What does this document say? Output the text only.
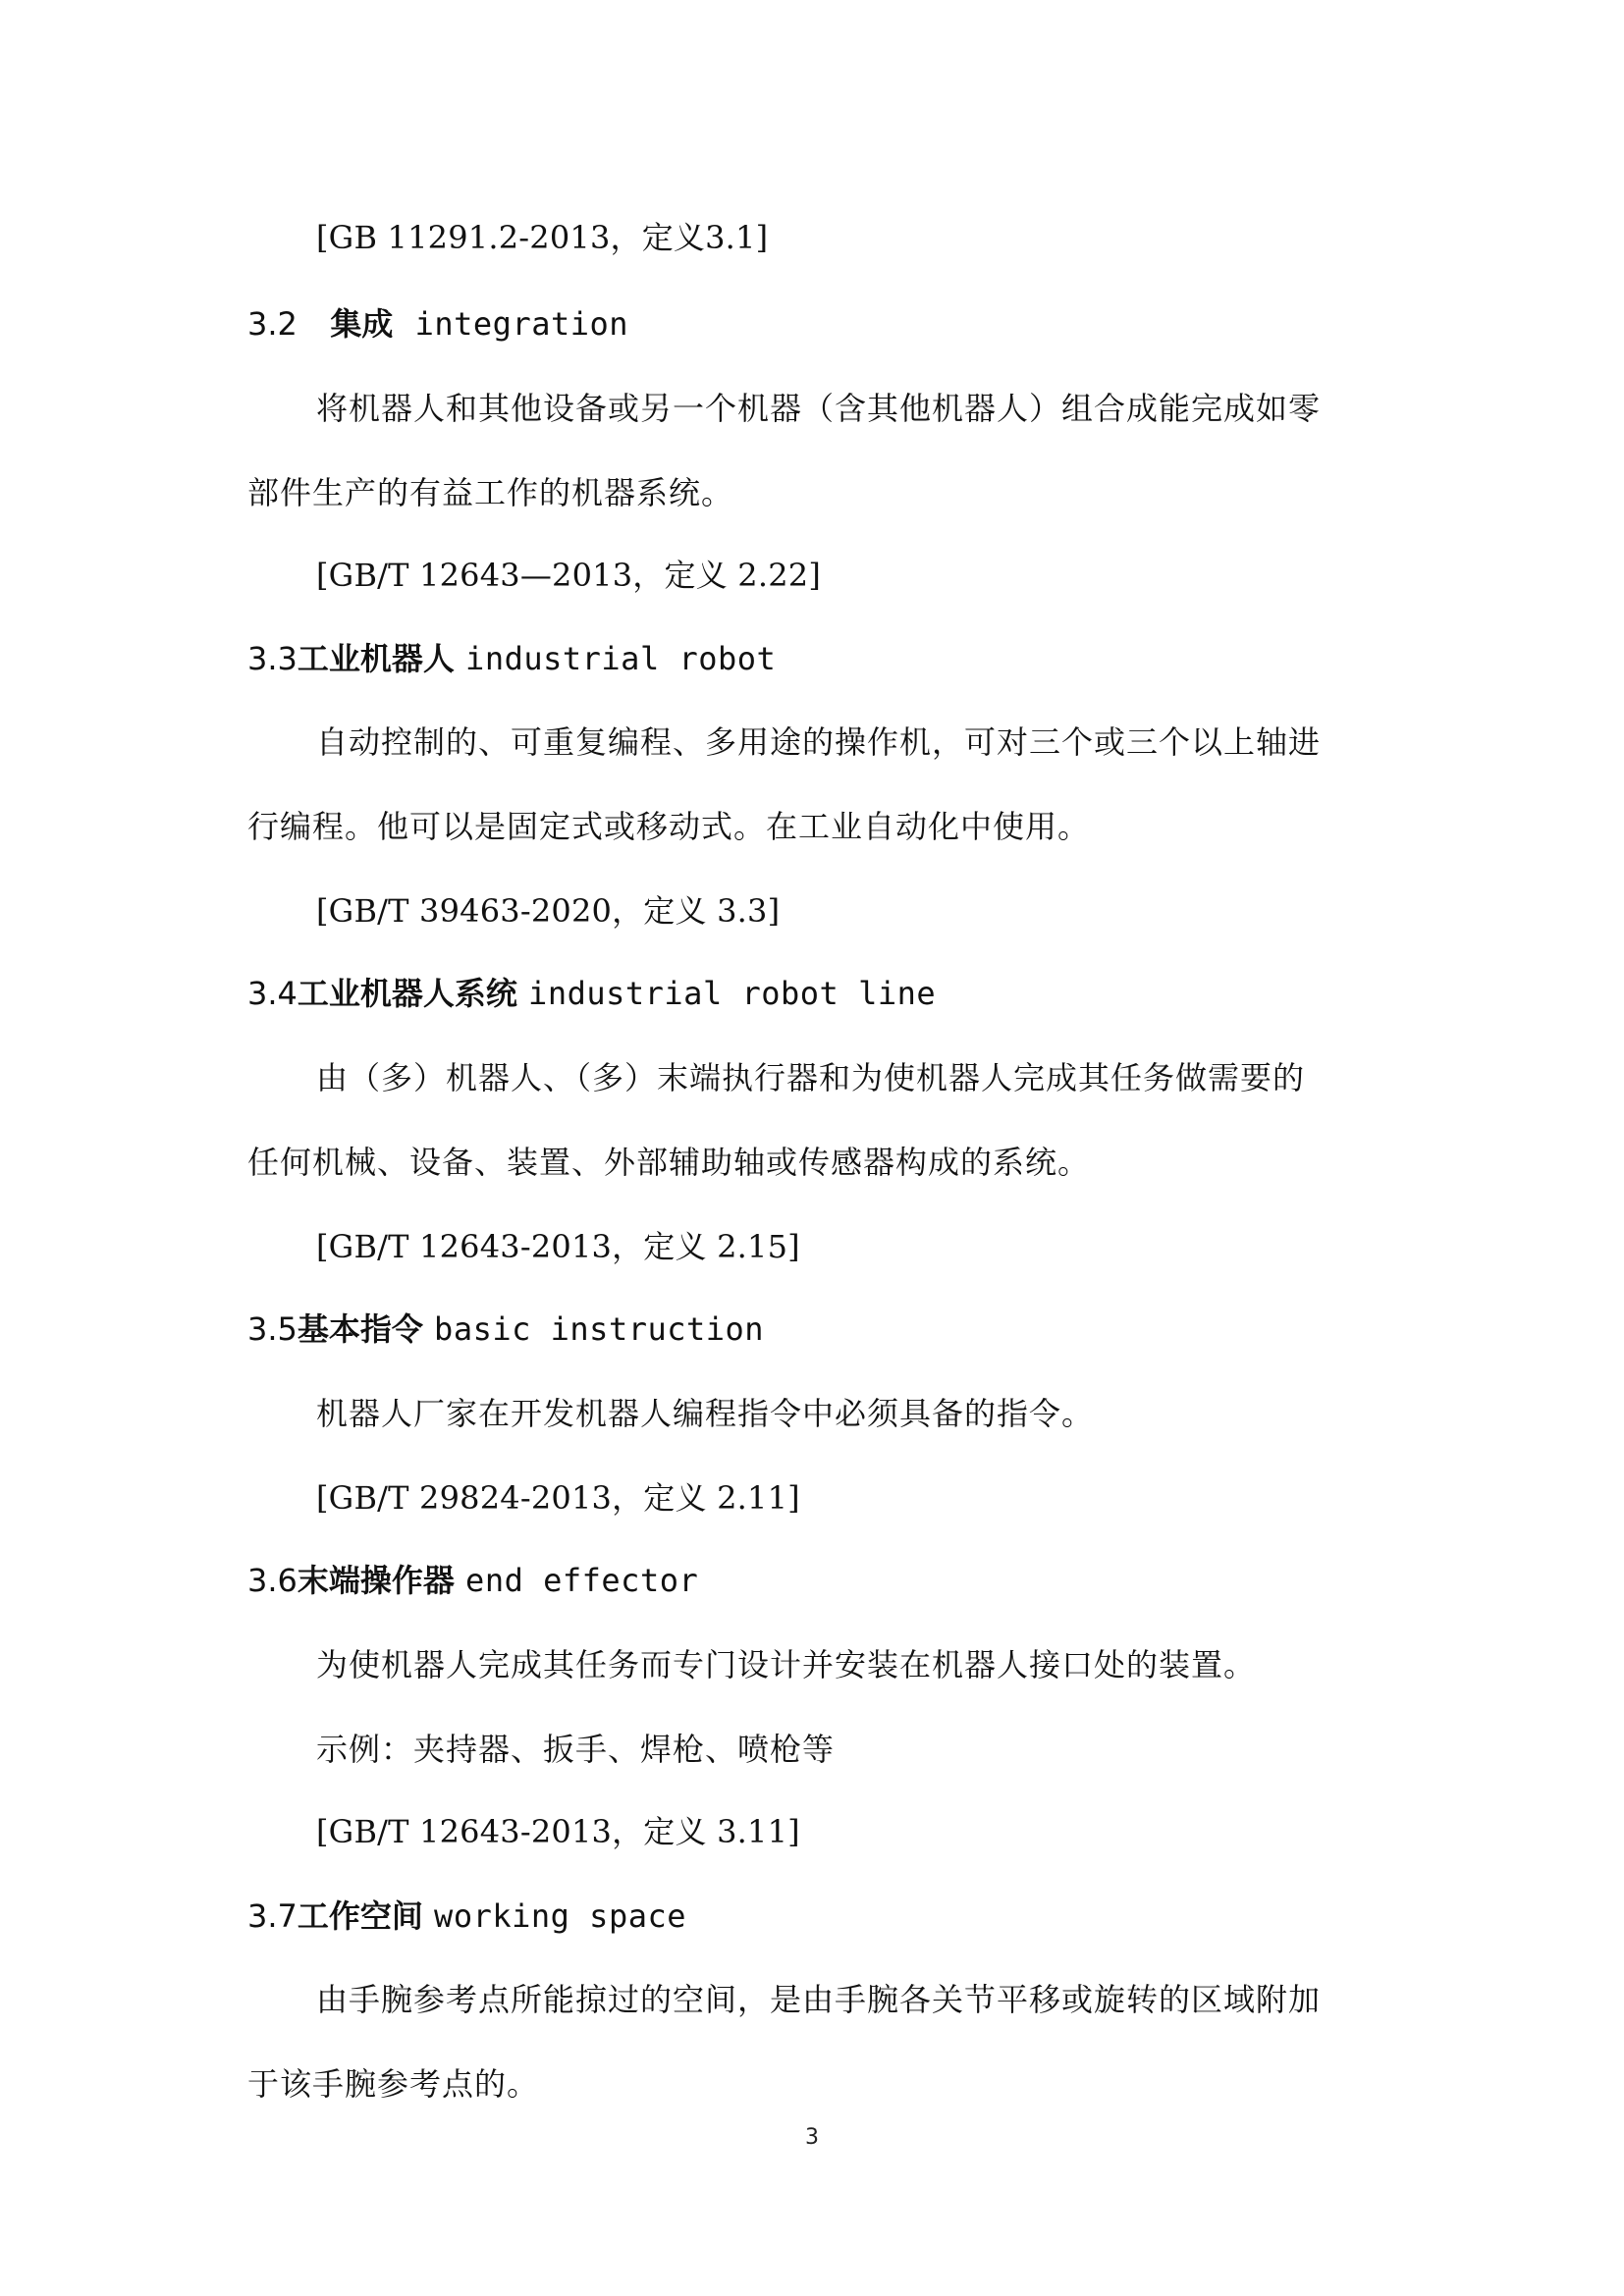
[GB 11291.2-2013，定义3.1]
3.2 集成 integration
将机器人和其他设备或另一个机器（含其他机器人）组合成能完成如零
部件生产的有益工作的机器系统。
[GB/T 12643—2013，定义 2.22]
3.3工业机器人 industrial robot
自动控制的、可重复编程、多用途的操作机，可对三个或三个以上轴进
行编程。他可以是固定式或移动式。在工业自动化中使用。
[GB/T 39463-2020，定义 3.3]
3.4工业机器人系统 industrial robot line
由（多）机器人、（多）末端执行器和为使机器人完成其任务做需要的
任何机械、设备、装置、外部辅助轴或传感器构成的系统。
[GB/T 12643-2013，定义 2.15]
3.5基本指令 basic instruction
机器人厂家在开发机器人编程指令中必须具备的指令。
[GB/T 29824-2013，定义 2.11]
3.6末端操作器 end effector
为使机器人完成其任务而专门设计并安装在机器人接口处的装置。
示例：夹持器、扳手、焊枪、喷枪等
[GB/T 12643-2013，定义 3.11]
3.7工作空间 working space
由手腕参考点所能掠过的空间，是由手腕各关节平移或旋转的区域附加
于该手腕参考点的。
3
